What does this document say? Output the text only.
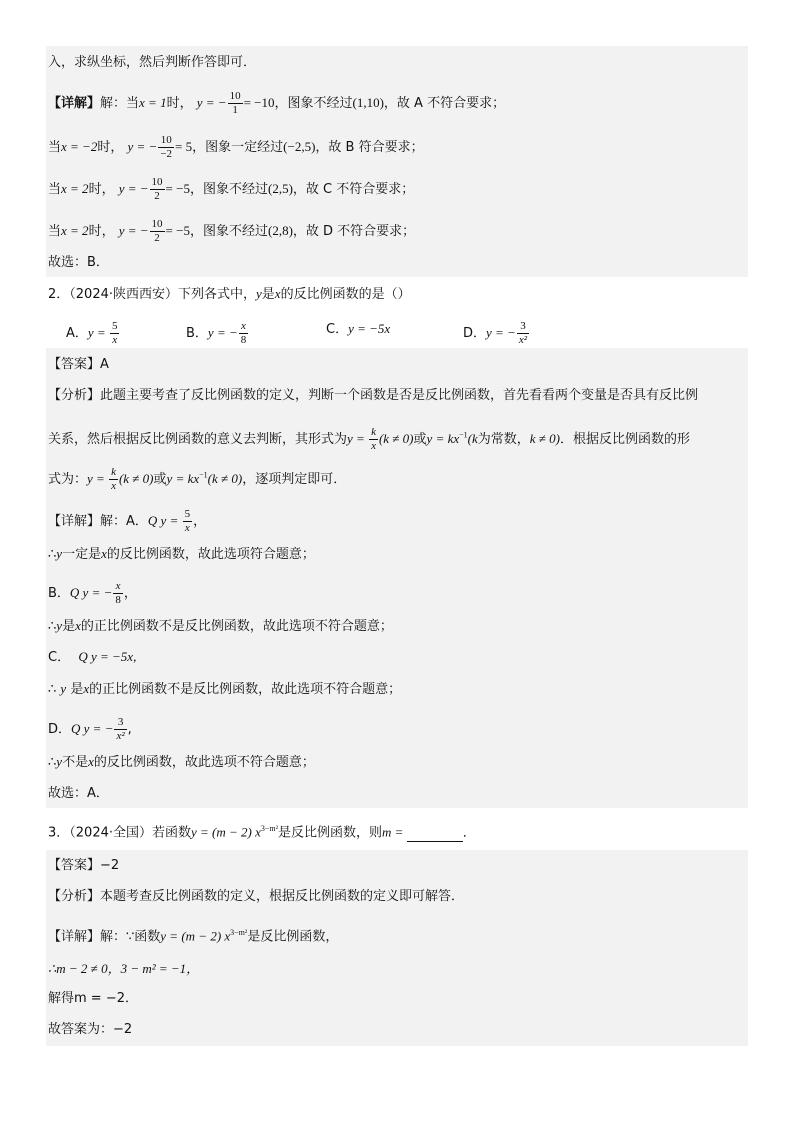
入，求纵坐标，然后判断作答即可．
【详解】解：当x = 1时， y = − $\frac{10}{1} = -10$，图象不经过(1,10)，故 A 不符合要求；
当x = −2时， y = − $\frac{10}{-2} = 5$，图象一定经过(−2,5)，故 B 符合要求；
当x = 2时， y = − $\frac{10}{2} = -5$，图象不经过(2,5)，故 C 不符合要求；
当x = 2时， y = − $\frac{10}{2} = -5$，图象不经过(2,8)，故 D 不符合要求；
故选：B．
2．（2024·陕西西安）下列各式中，y是x的反比例函数的是（）
A．$y = \frac{5}{x}$	B．y = − $\frac{x}{8}$	C．y = −5x	D．y = − $\frac{3}{\text{x²}}$
【答案】A
【分析】此题主要考查了反比例函数的定义，判断一个函数是否是反比例函数，首先看看两个变量是否具有反比例
关系，然后根据反比例函数的意义去判断，其形式为$y = \frac{k}{x} (k \ne 0)$或$y = kx^{-1}(k$为常数，k ≠ 0)．根据反比例函数的形
式为：$y = \frac{k}{x} (k \ne 0)$或$y = kx^{-1}(k \ne 0)$，逐项判定即可．
【详解】解：A．Q $y = \frac{5}{x}$ ，
∴y一定是x的反比例函数，故此选项符合题意；
B．Q y = − $\frac{x}{8}$ ，
∴y是x的正比例函数不是反比例函数，故此选项不符合题意；
C． Q y = −5x,
∴ y 是x的正比例函数不是反比例函数，故此选项不符合题意；
D．Q y = − $\frac{3}{\text{x²}}$ ,
∴y不是x的反比例函数，故此选项不符合题意；
故选：A．
3．（2024·全国）若函数y = (m − 2) $x^{3-m^2}$是反比例函数，则m =	．
【答案】−2
【分析】本题考查反比例函数的定义，根据反比例函数的定义即可解答．
【详解】解：∵函数y = (m − 2) $x^{3-m^2}$是反比例函数，
∴m − 2 ≠ 0，3 − m² = −1，
解得m = −2．
故答案为：−2
